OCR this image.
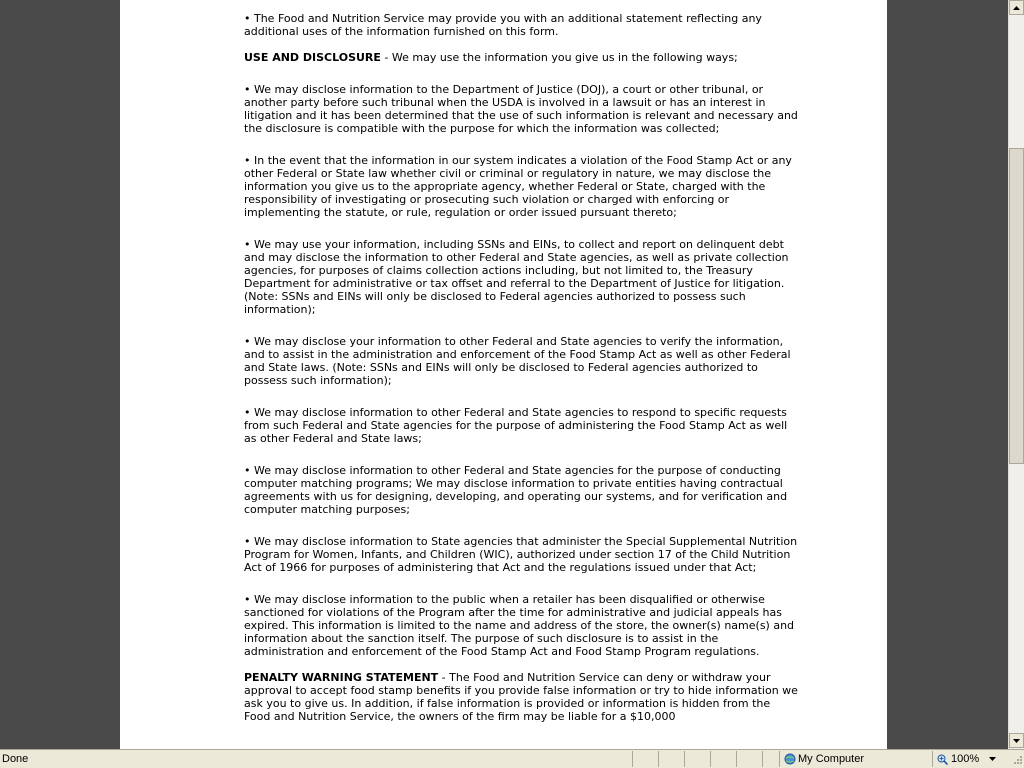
• The Food and Nutrition Service may provide you with an additional statement reflecting any additional uses of the information furnished on this form.

USE AND DISCLOSURE - We may use the information you give us in the following ways;

• We may disclose information to the Department of Justice (DOJ), a court or other tribunal, or another party before such tribunal when the USDA is involved in a lawsuit or has an interest in litigation and it has been determined that the use of such information is relevant and necessary and the disclosure is compatible with the purpose for which the information was collected;

• In the event that the information in our system indicates a violation of the Food Stamp Act or any other Federal or State law whether civil or criminal or regulatory in nature, we may disclose the information you give us to the appropriate agency, whether Federal or State, charged with the responsibility of investigating or prosecuting such violation or charged with enforcing or implementing the statute, or rule, regulation or order issued pursuant thereto;

• We may use your information, including SSNs and EINs, to collect and report on delinquent debt and may disclose the information to other Federal and State agencies, as well as private collection agencies, for purposes of claims collection actions including, but not limited to, the Treasury Department for administrative or tax offset and referral to the Department of Justice for litigation. (Note: SSNs and EINs will only be disclosed to Federal agencies authorized to possess such information);

• We may disclose your information to other Federal and State agencies to verify the information, and to assist in the administration and enforcement of the Food Stamp Act as well as other Federal and State laws. (Note: SSNs and EINs will only be disclosed to Federal agencies authorized to possess such information);

• We may disclose information to other Federal and State agencies to respond to specific requests from such Federal and State agencies for the purpose of administering the Food Stamp Act as well as other Federal and State laws;

• We may disclose information to other Federal and State agencies for the purpose of conducting computer matching programs; We may disclose information to private entities having contractual agreements with us for designing, developing, and operating our systems, and for verification and computer matching purposes;

• We may disclose information to State agencies that administer the Special Supplemental Nutrition Program for Women, Infants, and Children (WIC), authorized under section 17 of the Child Nutrition Act of 1966 for purposes of administering that Act and the regulations issued under that Act;

• We may disclose information to the public when a retailer has been disqualified or otherwise sanctioned for violations of the Program after the time for administrative and judicial appeals has expired. This information is limited to the name and address of the store, the owner(s) name(s) and information about the sanction itself. The purpose of such disclosure is to assist in the administration and enforcement of the Food Stamp Act and Food Stamp Program regulations.

PENALTY WARNING STATEMENT - The Food and Nutrition Service can deny or withdraw your approval to accept food stamp benefits if you provide false information or try to hide information we ask you to give us. In addition, if false information is provided or information is hidden from the Food and Nutrition Service, the owners of the firm may be liable for a $10,000

Done	My Computer	100%
